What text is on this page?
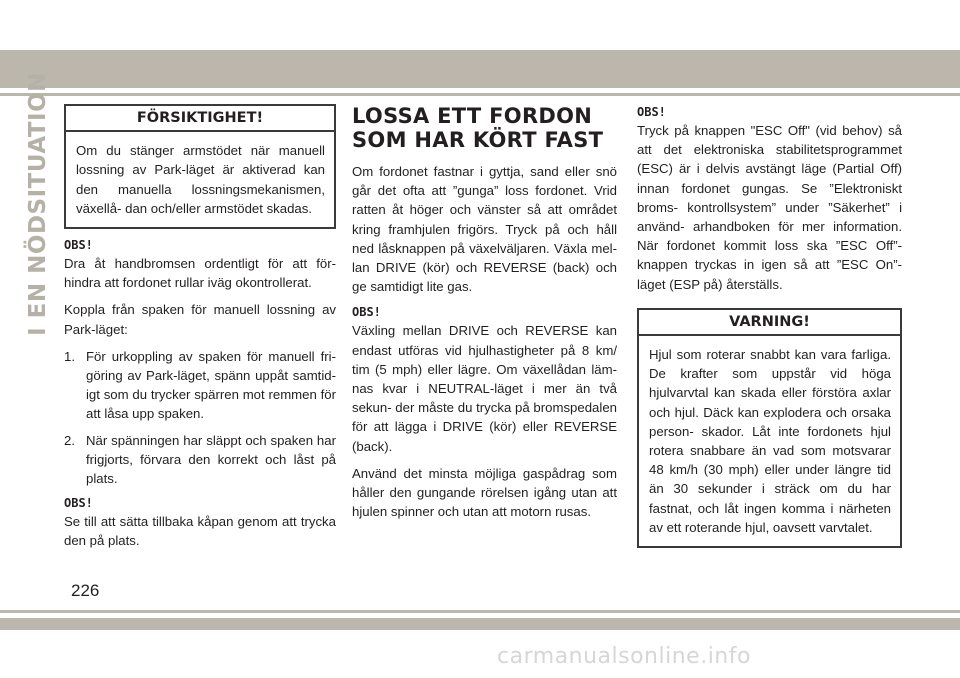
I EN NÖDSITUATION	FÖRSIKTIGHET!
Om du stänger armstödet när manuell lossning av Park-läget är aktiverad kan den manuella lossningsmekanismen, växellå- dan och/eller armstödet skadas.
OBS!

Dra åt handbromsen ordentligt för att för- hindra att fordonet rullar iväg okontrollerat.

Koppla från spaken för manuell lossning av Park-läget:

1. För urkoppling av spaken för manuell fri- göring av Park-läget, spänn uppåt samtid- igt som du trycker spärren mot remmen för att låsa upp spaken.
2. När spänningen har släppt och spaken har frigjorts, förvara den korrekt och låst på plats.
OBS!

Se till att sätta tillbaka kåpan genom att trycka den på plats.

LOSSA ETT FORDON SOM HAR KÖRT FAST

Om fordonet fastnar i gyttja, sand eller snö går det ofta att ”gunga” loss fordonet. Vrid ratten åt höger och vänster så att området kring framhjulen frigörs. Tryck på och håll ned låsknappen på växelväljaren. Växla mel- lan DRIVE (kör) och REVERSE (back) och ge samtidigt lite gas.

OBS!

Växling mellan DRIVE och REVERSE kan endast utföras vid hjulhastigheter på 8 km/ tim (5 mph) eller lägre. Om växellådan läm- nas kvar i NEUTRAL-läget i mer än två sekun- der måste du trycka på bromspedalen för att lägga i DRIVE (kör) eller REVERSE (back).

Använd det minsta möjliga gaspådrag som håller den gungande rörelsen igång utan att hjulen spinner och utan att motorn rusas.

OBS!

Tryck på knappen "ESC Off" (vid behov) så att det elektroniska stabilitetsprogrammet (ESC) är i delvis avstängt läge (Partial Off) innan fordonet gungas. Se ”Elektroniskt broms- kontrollsystem” under ”Säkerhet” i använd- arhandboken för mer information. När fordonet kommit loss ska ”ESC Off”-knappen tryckas in igen så att ”ESC On”-läget (ESP på) återställs.

VARNING!
Hjul som roterar snabbt kan vara farliga. De krafter som uppstår vid höga hjulvarvtal kan skada eller förstöra axlar och hjul. Däck kan explodera och orsaka person- skador. Låt inte fordonets hjul rotera snabbare än vad som motsvarar 48 km/h (30 mph) eller under längre tid än 30 sekunder i sträck om du har fastnat, och låt ingen komma i närheten av ett roterande hjul, oavsett varvtalet.
226
carmanualsonline.info
